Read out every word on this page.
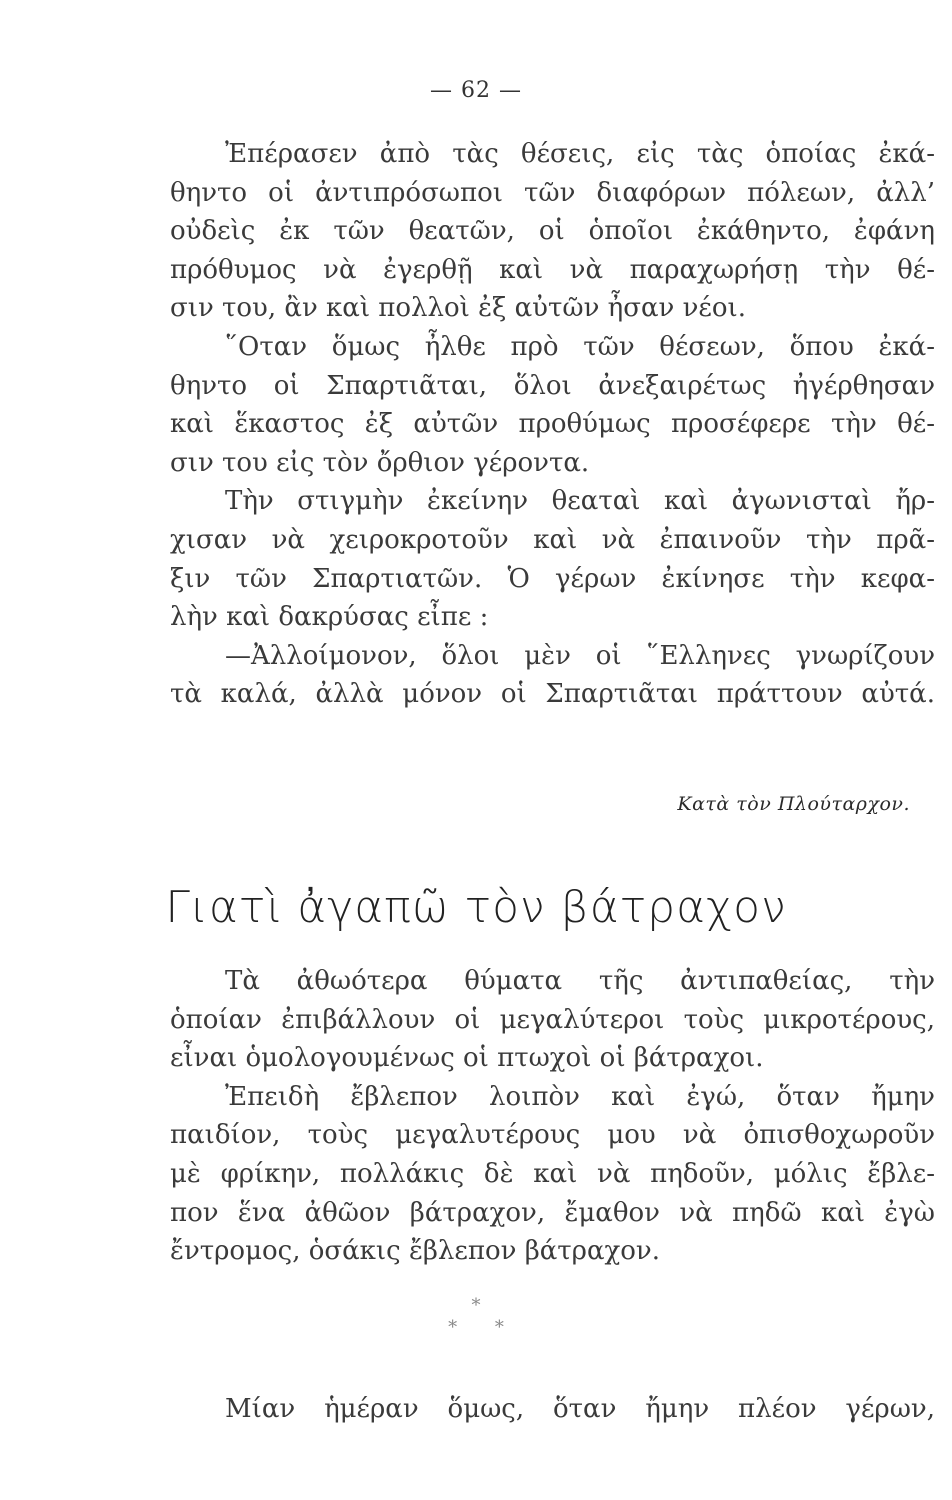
— 62 —
Ἐπέρασεν ἀπὸ τὰς θέσεις, εἰς τὰς ὁποίας ἐκά-
θηντο οἱ ἀντιπρόσωποι τῶν διαφόρων πόλεων, ἀλλ’
οὐδεὶς ἐκ τῶν θεατῶν, οἱ ὁποῖοι ἐκάθηντο, ἐφάνη
πρόθυμος νὰ ἐγερθῇ καὶ νὰ παραχωρήσῃ τὴν θέ-
σιν του, ἂν καὶ πολλοὶ ἐξ αὐτῶν ἦσαν νέοι.
῞Οταν ὅμως ἦλθε πρὸ τῶν θέσεων, ὅπου ἐκά-
θηντο οἱ Σπαρτιᾶται, ὅλοι ἀνεξαιρέτως ἠγέρθησαν
καὶ ἕκαστος ἐξ αὐτῶν προθύμως προσέφερε τὴν θέ-
σιν του εἰς τὸν ὄρθιον γέροντα.
Τὴν στιγμὴν ἐκείνην θεαταὶ καὶ ἀγωνισταὶ ἤρ-
χισαν νὰ χειροκροτοῦν καὶ νὰ ἐπαινοῦν τὴν πρᾶ-
ξιν τῶν Σπαρτιατῶν. Ὁ γέρων ἐκίνησε τὴν κεφα-
λὴν καὶ δακρύσας εἶπε :
—Ἀλλοίμονον, ὅλοι μὲν οἱ ῞Ελληνες γνωρίζουν
τὰ καλά, ἀλλὰ μόνον οἱ Σπαρτιᾶται πράττουν αὐτά.
Κατὰ τὸν Πλούταρχον.
Γιατὶ ἀγαπῶ τὸν βάτραχον
Τὰ ἀθωότερα θύματα τῆς ἀντιπαθείας, τὴν
ὁποίαν ἐπιβάλλουν οἱ μεγαλύτεροι τοὺς μικροτέρους,
εἶναι ὁμολογουμένως οἱ πτωχοὶ οἱ βάτραχοι.
Ἐπειδὴ ἔβλεπον λοιπὸν καὶ ἐγώ, ὅταν ἤμην
παιδίον, τοὺς μεγαλυτέρους μου νὰ ὀπισθοχωροῦν
μὲ φρίκην, πολλάκις δὲ καὶ νὰ πηδοῦν, μόλις ἔβλε-
πον ἕνα ἀθῶον βάτραχον, ἔμαθον νὰ πηδῶ καὶ ἐγὼ
ἔντρομος, ὁσάκις ἔβλεπον βάτραχον.
*
* *
Μίαν ἡμέραν ὅμως, ὅταν ἤμην πλέον γέρων,
